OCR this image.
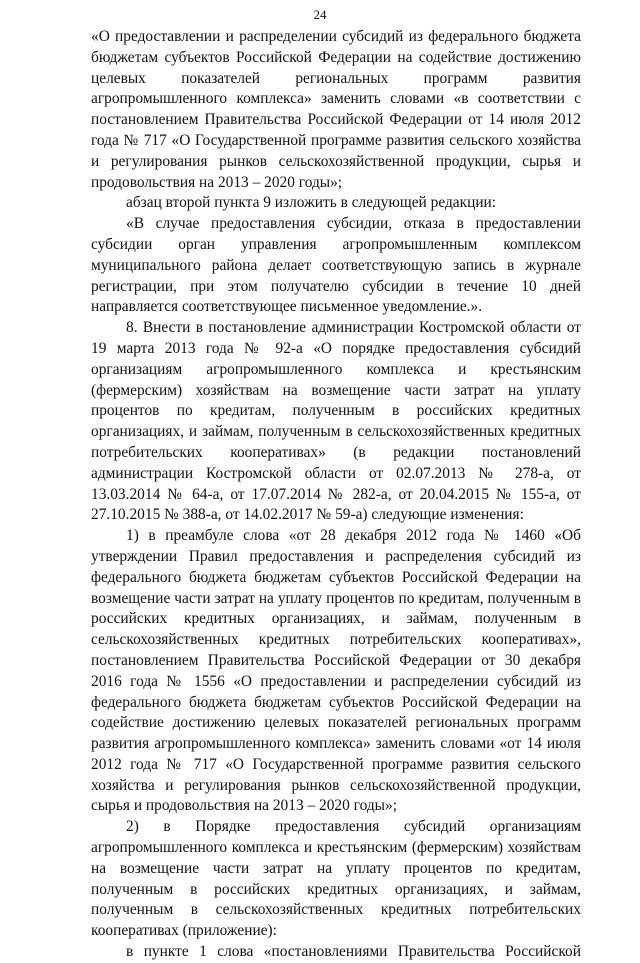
24

«О предоставлении и распределении субсидий из федерального бюджета бюджетам субъектов Российской Федерации на содействие достижению целевых показателей региональных программ развития агропромышленного комплекса» заменить словами «в соответствии с постановлением Правительства Российской Федерации от 14 июля 2012 года № 717 «О Государственной программе развития сельского хозяйства и регулирования рынков сельскохозяйственной продукции, сырья и продовольствия на 2013 – 2020 годы»;

абзац второй пункта 9 изложить в следующей редакции:

«В случае предоставления субсидии, отказа в предоставлении субсидии орган управления агропромышленным комплексом муниципального района делает соответствующую запись в журнале регистрации, при этом получателю субсидии в течение 10 дней направляется соответствующее письменное уведомление.».

8. Внести в постановление администрации Костромской области от 19 марта 2013 года № 92-а «О порядке предоставления субсидий организациям агропромышленного комплекса и крестьянским (фермерским) хозяйствам на возмещение части затрат на уплату процентов по кредитам, полученным в российских кредитных организациях, и займам, полученным в сельскохозяйственных кредитных потребительских кооперативах» (в редакции постановлений администрации Костромской области от 02.07.2013 № 278-а, от 13.03.2014 № 64-а, от 17.07.2014 № 282-а, от 20.04.2015 № 155-а, от 27.10.2015 № 388-а, от 14.02.2017 № 59-а) следующие изменения:

1) в преамбуле слова «от 28 декабря 2012 года № 1460 «Об утверждении Правил предоставления и распределения субсидий из федерального бюджета бюджетам субъектов Российской Федерации на возмещение части затрат на уплату процентов по кредитам, полученным в российских кредитных организациях, и займам, полученным в сельскохозяйственных кредитных потребительских кооперативах», постановлением Правительства Российской Федерации от 30 декабря 2016 года № 1556 «О предоставлении и распределении субсидий из федерального бюджета бюджетам субъектов Российской Федерации на содействие достижению целевых показателей региональных программ развития агропромышленного комплекса» заменить словами «от 14 июля 2012 года № 717 «О Государственной программе развития сельского хозяйства и регулирования рынков сельскохозяйственной продукции, сырья и продовольствия на 2013 – 2020 годы»;

2) в Порядке предоставления субсидий организациям агропромышленного комплекса и крестьянским (фермерским) хозяйствам на возмещение части затрат на уплату процентов по кредитам, полученным в российских кредитных организациях, и займам, полученным в сельскохозяйственных кредитных потребительских кооперативах (приложение):

в пункте 1 слова «постановлениями Правительства Российской
